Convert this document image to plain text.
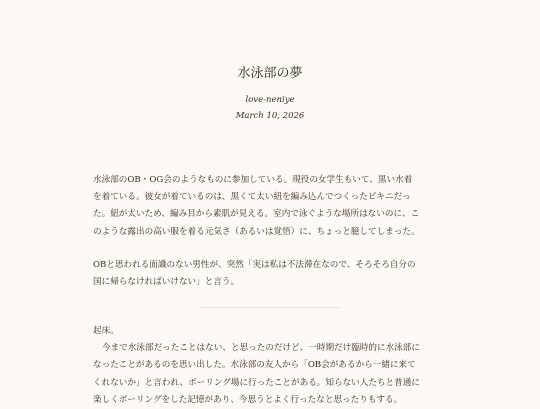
水泳部の夢
love-neniye
March 10, 2026
水泳部のOB・OG会のようなものに参加している。現役の女学生もいて、黒い水着
を着ている。彼女が着ているのは、黒くて太い紐を編み込んでつくったビキニだっ
た。紐が太いため、編み目から素肌が見える。室内で泳ぐような場所はないのに、こ
のような露出の高い服を着る元気さ（あるいは覚悟）に、ちょっと臆してしまった。
OBと思われる面識のない男性が、突然「実は私は不法滞在なので、そろそろ自分の
国に帰らなければいけない」と言う。
起床。
今まで水泳部だったことはない、と思ったのだけど、一時期だけ臨時的に水泳部に
なったことがあるのを思い出した。水泳部の友人から「OB会があるから一緒に来て
くれないか」と言われ、ボーリング場に行ったことがある。知らない人たちと普通に
楽しくボーリングをした記憶があり、今思うとよく行ったなと思ったりもする。
